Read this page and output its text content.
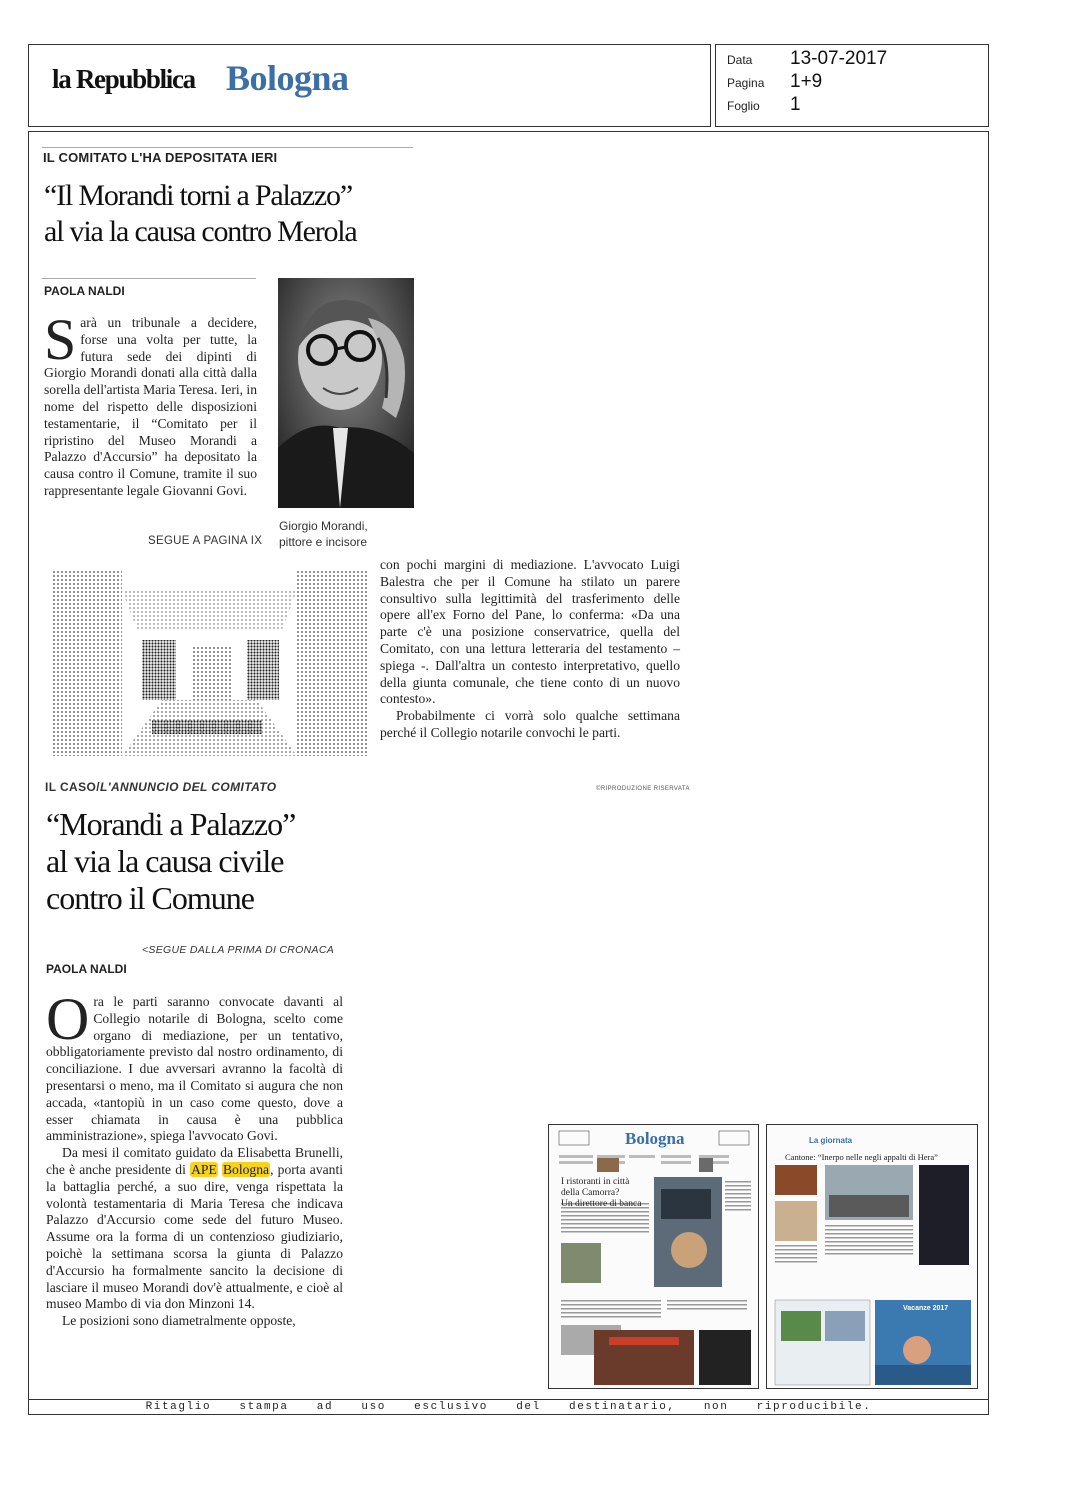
la Repubblica Bologna	Data 13-07-2017
Pagina 1+9
Foglio 1
IL COMITATO L'HA DEPOSITATA IERI
“Il Morandi torni a Palazzo”
al via la causa contro Merola
PAOLA NALDI
Sarà un tribunale a decidere, forse una volta per tutte, la futura sede dei dipinti di Giorgio Morandi donati alla città dalla sorella dell'artista Maria Teresa. Ieri, in nome del rispetto delle disposizioni testamentarie, il “Comitato per il ripristino del Museo Morandi a Palazzo d'Accursio” ha depositato la causa contro il Comune, tramite il suo rappresentante legale Giovanni Govi.
SEGUE A PAGINA IX
Giorgio Morandi,
pittore e incisore

con pochi margini di mediazione. L'avvocato Luigi Balestra che per il Comune ha stilato un parere consultivo sulla legittimità del trasferimento delle opere all'ex Forno del Pane, lo conferma: «Da una parte c'è una posizione conservatrice, quella del Comitato, con una lettura letteraria del testamento – spiega -. Dall'altra un contesto interpretativo, quello della giunta comunale, che tiene conto di un nuovo contesto».

Probabilmente ci vorrà solo qualche settimana perché il Collegio notarile convochi le parti.

©RIPRODUZIONE RISERVATA
IL CASO/L'ANNUNCIO DEL COMITATO
“Morandi a Palazzo”
al via la causa civile
contro il Comune
<SEGUE DALLA PRIMA DI CRONACA
PAOLA NALDI

Ora le parti saranno convocate davanti al Collegio notarile di Bologna, scelto come organo di mediazione, per un tentativo, obbligatoriamente previsto dal nostro ordinamento, di conciliazione. I due avversari avranno la facoltà di presentarsi o meno, ma il Comitato si augura che non accada, «tantopiù in un caso come questo, dove a esser chiamata in causa è una pubblica amministrazione», spiega l'avvocato Govi.

Da mesi il comitato guidato da Elisabetta Brunelli, che è anche presidente di APE Bologna, porta avanti la battaglia perché, a suo dire, venga rispettata la volontà testamentaria di Maria Teresa che indicava Palazzo d'Accursio come sede del futuro Museo. Assume ora la forma di un contenzioso giudiziario, poichè la settimana scorsa la giunta di Palazzo d'Accursio ha formalmente sancito la decisione di lasciare il museo Morandi dov'è attualmente, e cioè al museo Mambo di via don Minzoni 14.

Le posizioni sono diametralmente opposte,

Bologna
I ristoranti in città
della Camorra?
Un direttore di banca
La giornata
Cantone: “Inerpo nelle negli appalti di Hera”
Vacanze 2017
Ritaglio stampa ad uso esclusivo del destinatario, non riproducibile.
